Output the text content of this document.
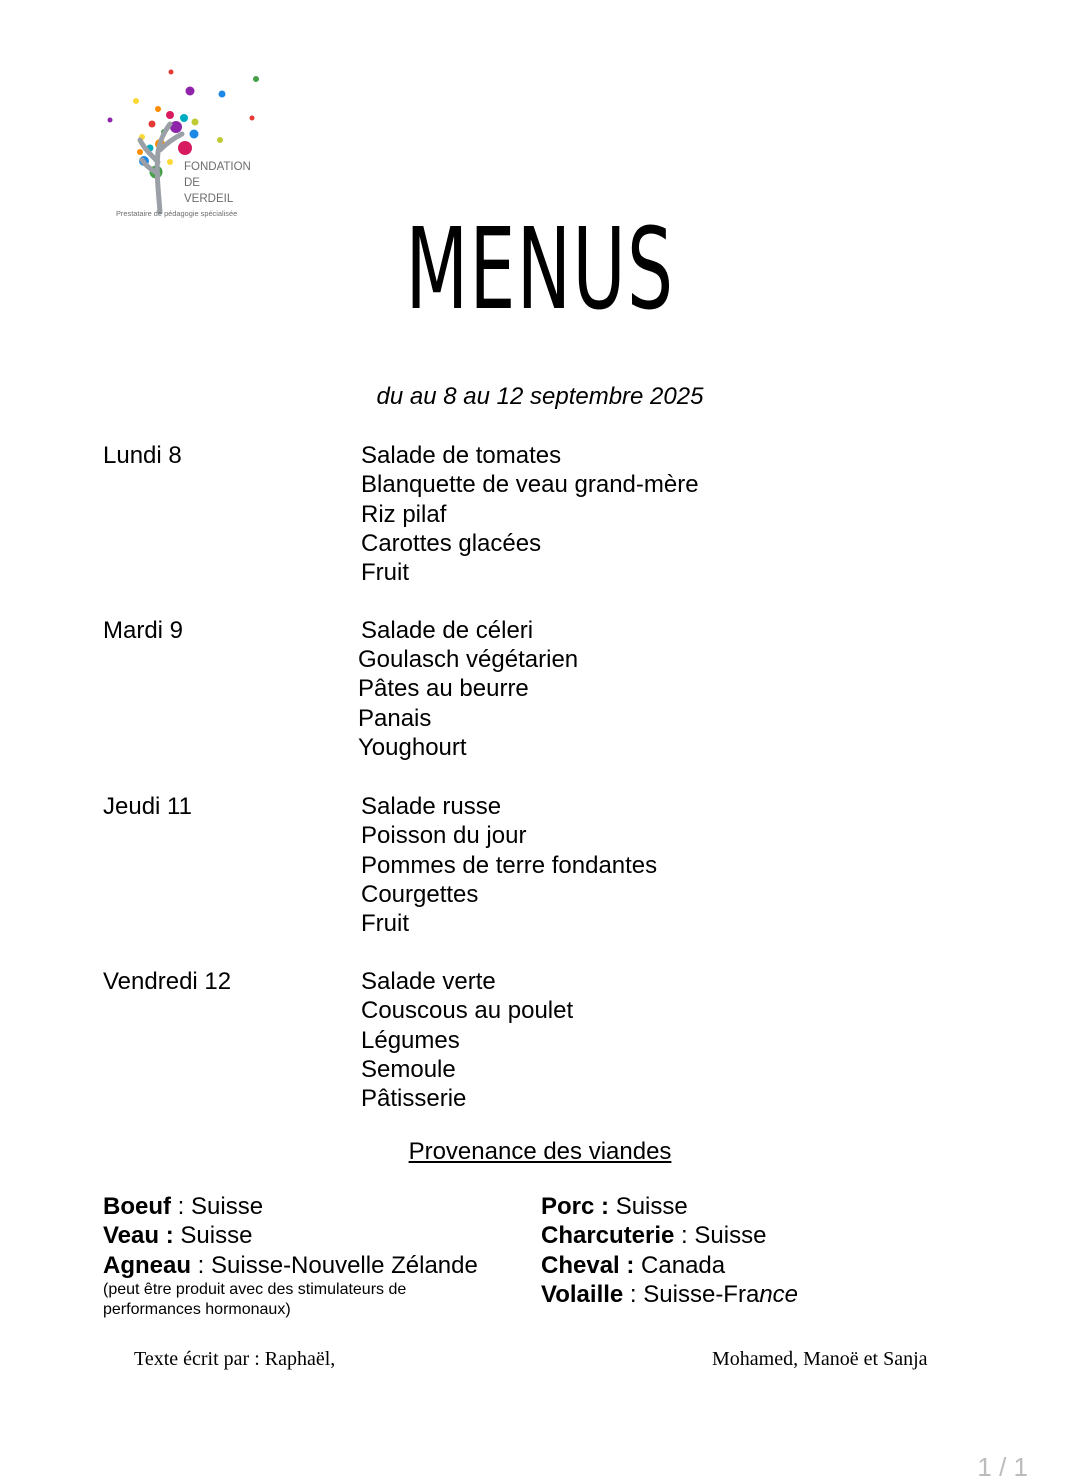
FONDATION
DE
VERDEIL
Prestataire de pédagogie spécialisée	MENUS
du au 8 au 12 septembre 2025
Lundi 8	Salade de tomates
Blanquette de veau grand-mère
Riz pilaf
Carottes glacées
Fruit
Mardi 9	Salade de céleri
Goulasch végétarien
Pâtes au beurre
Panais
Youghourt
Jeudi 11	Salade russe
Poisson du jour
Pommes de terre fondantes
Courgettes
Fruit
Vendredi 12	Salade verte
Couscous au poulet
Légumes
Semoule
Pâtisserie
Provenance des viandes
Boeuf : Suisse
Veau : Suisse
Agneau : Suisse-Nouvelle Zélande
(peut être produit avec des stimulateurs de
performances hormonaux)
Porc : Suisse
Charcuterie : Suisse
Cheval : Canada
Volaille : Suisse-France
Texte écrit par : Raphaël,	Mohamed, Manoë et Sanja
1 / 1
